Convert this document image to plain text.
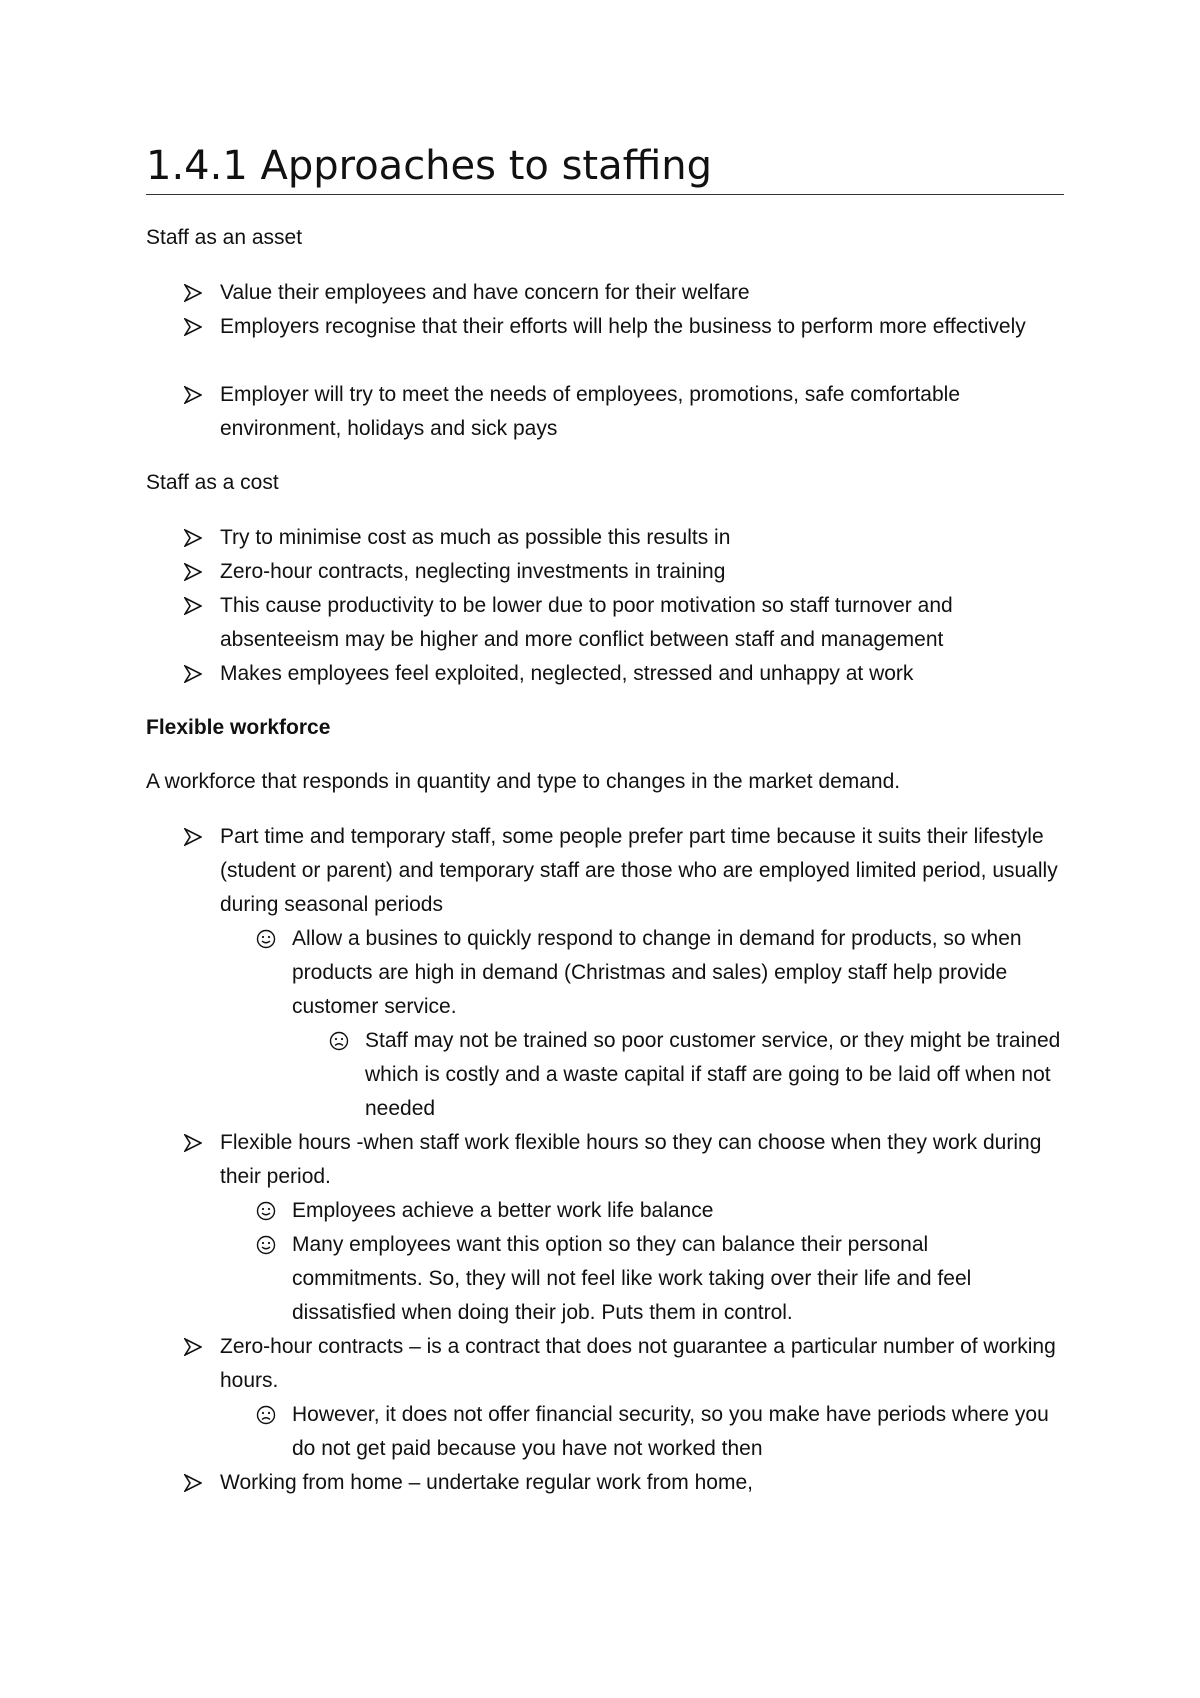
1.4.1 Approaches to staffing
Staff as an asset
Value their employees and have concern for their welfare
Employers recognise that their efforts will help the business to perform more effectively
Employer will try to meet the needs of employees, promotions, safe comfortable environment, holidays and sick pays
Staff as a cost
Try to minimise cost as much as possible this results in
Zero-hour contracts, neglecting investments in training
This cause productivity to be lower due to poor motivation so staff turnover and absenteeism may be higher and more conflict between staff and management
Makes employees feel exploited, neglected, stressed and unhappy at work
Flexible workforce
A workforce that responds in quantity and type to changes in the market demand.
Part time and temporary staff, some people prefer part time because it suits their lifestyle (student or parent) and temporary staff are those who are employed limited period, usually during seasonal periods
Allow a busines to quickly respond to change in demand for products, so when products are high in demand (Christmas and sales) employ staff help provide customer service.
Staff may not be trained so poor customer service, or they might be trained which is costly and a waste capital if staff are going to be laid off when not needed
Flexible hours -when staff work flexible hours so they can choose when they work during their period.
Employees achieve a better work life balance
Many employees want this option so they can balance their personal commitments. So, they will not feel like work taking over their life and feel dissatisfied when doing their job. Puts them in control.
Zero-hour contracts – is a contract that does not guarantee a particular number of working hours.
However, it does not offer financial security, so you make have periods where you do not get paid because you have not worked then
Working from home – undertake regular work from home,
